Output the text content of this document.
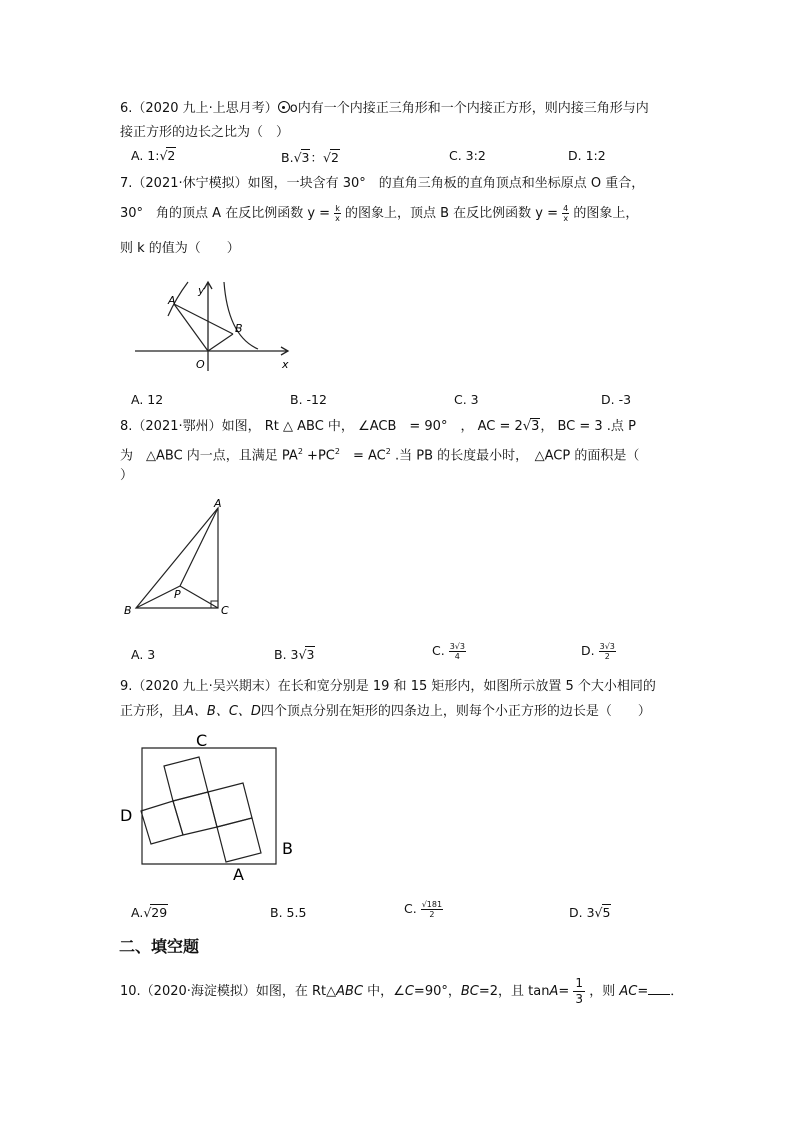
6.（2020 九上·上思月考） o内有一个内接正三角形和一个内接正方形，则内接三角形与内
接正方形的边长之比为（　）
A. 1:√2	B.√3：√2	C. 3:2	D. 1:2
7.（2021·休宁模拟）如图，一块含有 30°　的直角三角板的直角顶点和坐标原点 O 重合，
30°　角的顶点 A 在反比例函数 $y = \frac{k}{x}$ 的图象上，顶点 B 在反比例函数 $y = \frac{4}{x}$ 的图象上，
则 k 的值为（　　）
A
B
O	x
y
A. 12	B. -12	C. 3	D. -3
8.（2021·鄂州）如图， Rt △ ABC 中， ∠ACB　= 90°　， AC = 2√3， BC = 3 .点 P
为　△ABC 内一点，且满足 $PA^2 +PC^2$　= $AC^2$ .当 PB 的长度最小时，　△ACP 的面积是（
）
A
B	C
P
A. 3	B. 3√3	C. $\frac{3√3}{4}$	D. $\frac{3√3}{2}$
9.（2020 九上·吴兴期末）在长和宽分别是 19 和 15 矩形内，如图所示放置 5 个大小相同的
正方形，且A、B、C、D四个顶点分别在矩形的四条边上，则每个小正方形的边长是（　　）
C
D
B
A
A.√29	B. 5.5	C. $\frac{√181}{2}$	D. 3√5
二、填空题
10.（2020·海淀模拟）如图，在 Rt△ABC 中，∠C=90°，BC=2，且 $\tan A= \frac{1}{3}$ ，则 AC= ．
